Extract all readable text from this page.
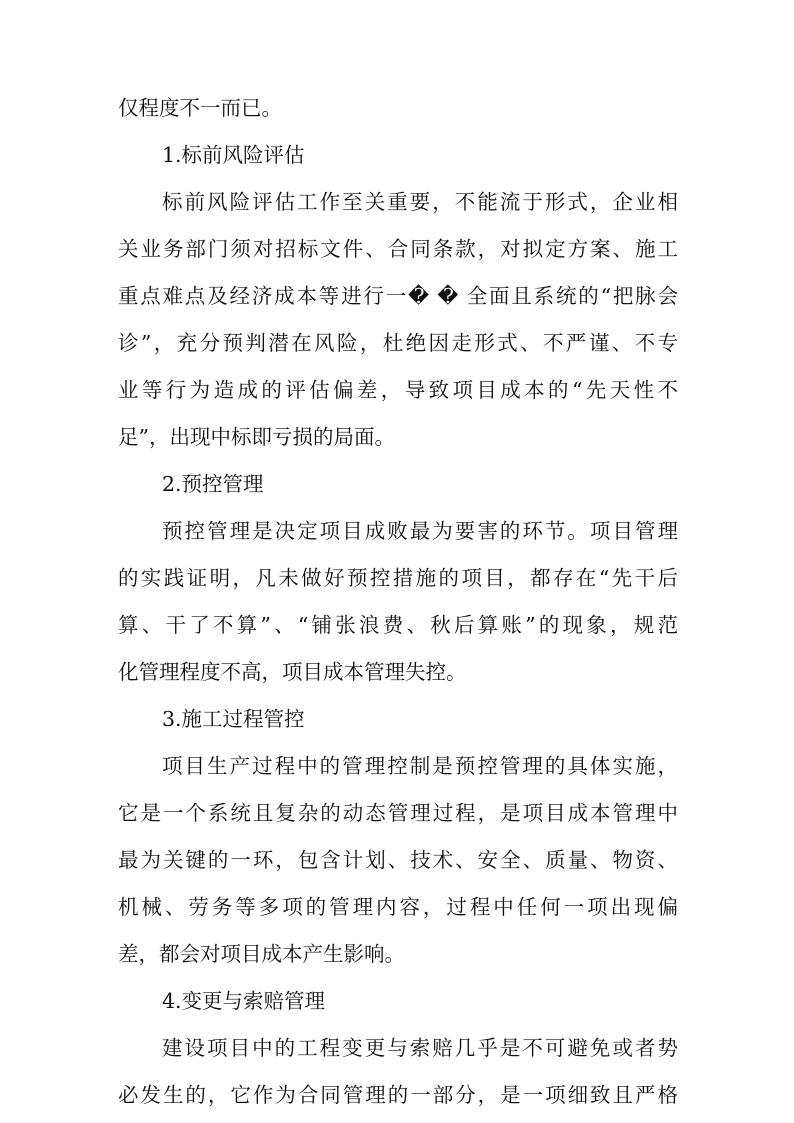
仅程度不一而已。
1.标前风险评估
标前风险评估工作至关重要，不能流于形式，企业相
关业务部门须对招标文件、合同条款，对拟定方案、施工
重点难点及经济成本等进行一� � 全面且系统的“把脉会
诊”，充分预判潜在风险，杜绝因走形式、不严谨、不专
业等行为造成的评估偏差，导致项目成本的“先天性不
足”，出现中标即亏损的局面。
2.预控管理
预控管理是决定项目成败最为要害的环节。项目管理
的实践证明，凡未做好预控措施的项目，都存在“先干后
算、干了不算”、“铺张浪费、秋后算账”的现象，规范
化管理程度不高，项目成本管理失控。
3.施工过程管控
项目生产过程中的管理控制是预控管理的具体实施，
它是一个系统且复杂的动态管理过程，是项目成本管理中
最为关键的一环，包含计划、技术、安全、质量、物资、
机械、劳务等多项的管理内容，过程中任何一项出现偏
差，都会对项目成本产生影响。
4.变更与索赔管理
建设项目中的工程变更与索赔几乎是不可避免或者势
必发生的，它作为合同管理的一部分，是一项细致且严格
